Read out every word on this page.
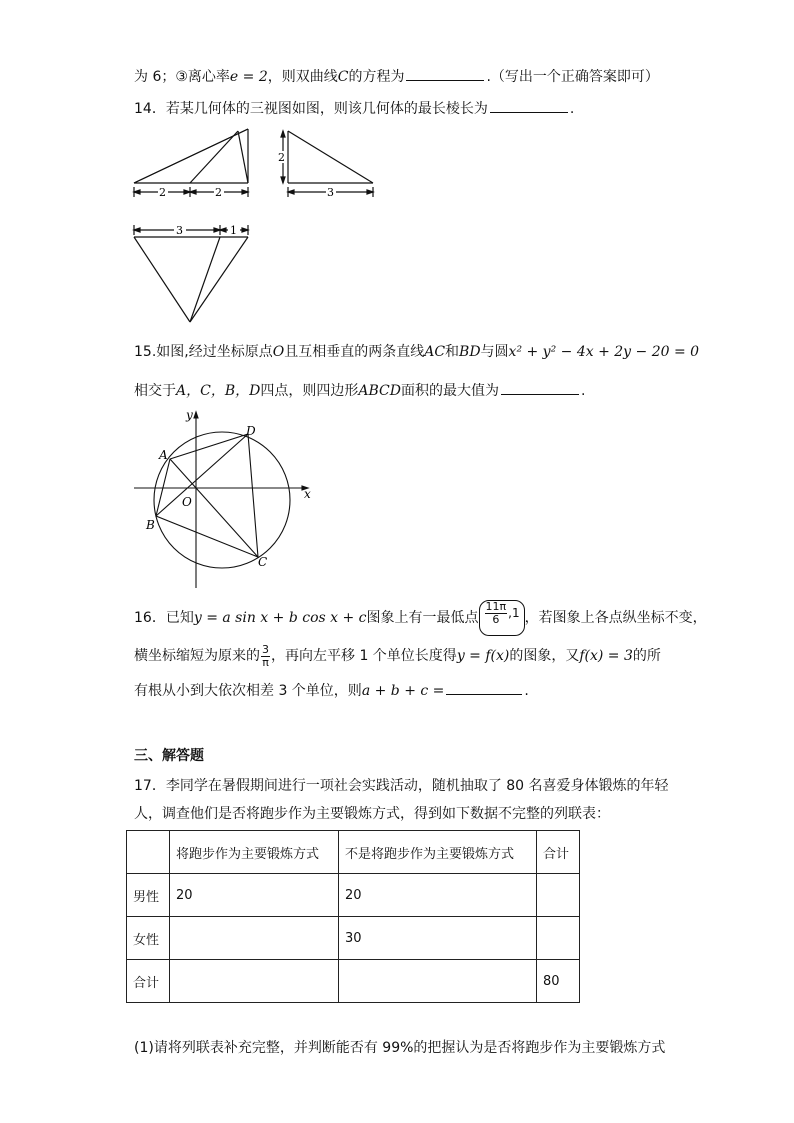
为 6；③离心率e = 2，则双曲线C的方程为	.（写出一个正确答案即可）
14．若某几何体的三视图如图，则该几何体的最长棱长为	.
2	2
2
3
3	1
15.如图,经过坐标原点O且互相垂直的两条直线AC和BD与圆x² + y² − 4x + 2y − 20 = 0
相交于A，C，B，D四点，则四边形ABCD面积的最大值为	.
y
x
O
A
B
C
D
16．已知y = a sin x + b cos x + c图象上有一最低点 $\frac{11\pi}{6} ,1$ ，若图象上各点纵坐标不变，
横坐标缩短为原来的 $\frac{3}{\pi}$ ，再向左平移 1 个单位长度得y = f(x)的图象，又f(x) = 3的所
有根从小到大依次相差 3 个单位，则a + b + c =	.
三、解答题
17．李同学在暑假期间进行一项社会实践活动，随机抽取了 80 名喜爱身体锻炼的年轻
人，调查他们是否将跑步作为主要锻炼方式，得到如下数据不完整的列联表：
	将跑步作为主要锻炼方式	不是将跑步作为主要锻炼方式	合计
男性	20	20	
女性		30	
合计			80
(1)请将列联表补充完整，并判断能否有 99%的把握认为是否将跑步作为主要锻炼方式
